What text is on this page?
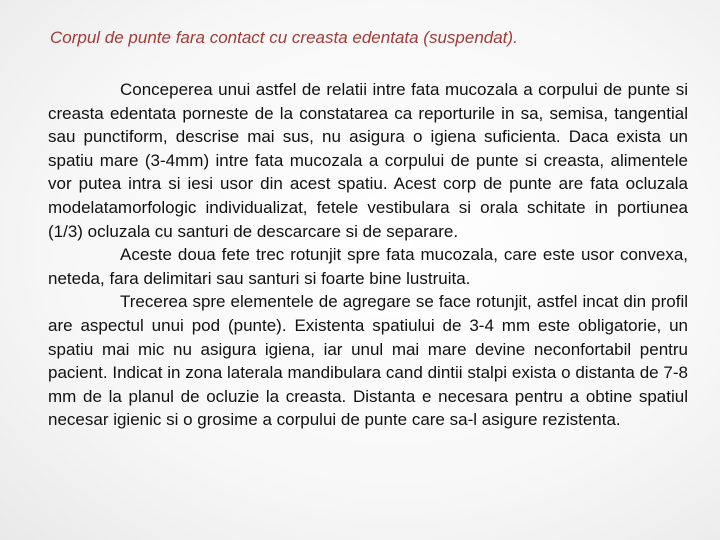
Corpul de punte fara contact cu creasta edentata (suspendat).

Conceperea unui astfel de relatii intre fata mucozala a corpului de punte si creasta edentata porneste de la constatarea ca reporturile in sa, semisa, tangential sau punctiform, descrise mai sus, nu asigura o igiena suficienta. Daca exista un spatiu mare (3-4mm) intre fata mucozala a corpului de punte si creasta, alimentele vor putea intra si iesi usor din acest spatiu. Acest corp de punte are fata ocluzala modelatamorfologic individualizat, fetele vestibulara si orala schitate in portiunea (1/3) ocluzala cu santuri de descarcare si de separare.

Aceste doua fete trec rotunjit spre fata mucozala, care este usor convexa, neteda, fara delimitari sau santuri si foarte bine lustruita.

Trecerea spre elementele de agregare se face rotunjit, astfel incat din profil are aspectul unui pod (punte). Existenta spatiului de 3-4 mm este obligatorie, un spatiu mai mic nu asigura igiena, iar unul mai mare devine neconfortabil pentru pacient. Indicat in zona laterala mandibulara cand dintii stalpi exista o distanta de 7-8 mm de la planul de ocluzie la creasta. Distanta e necesara pentru a obtine spatiul necesar igienic si o grosime a corpului de punte care sa-l asigure rezistenta.
